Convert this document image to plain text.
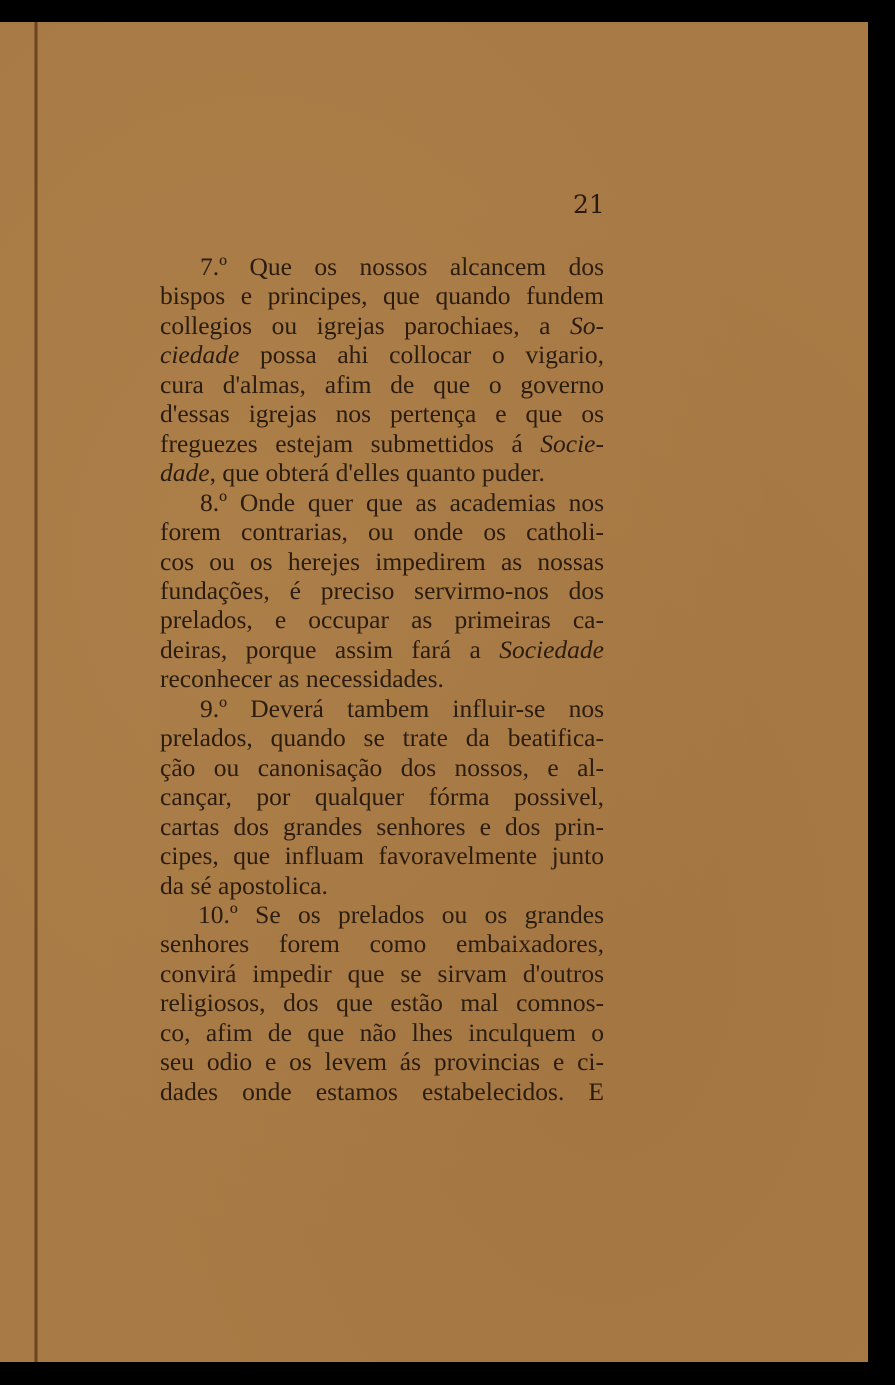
21
7.º Que os nossos alcancem dos
bispos e principes, que quando fundem
collegios ou igrejas parochiaes, a So-
ciedade possa ahi collocar o vigario,
cura d'almas, afim de que o governo
d'essas igrejas nos pertença e que os
freguezes estejam submettidos á Socie-
dade, que obterá d'elles quanto puder.
8.º Onde quer que as academias nos
forem contrarias, ou onde os catholi-
cos ou os herejes impedirem as nossas
fundações, é preciso servirmo-nos dos
prelados, e occupar as primeiras ca-
deiras, porque assim fará a Sociedade
reconhecer as necessidades.
9.º Deverá tambem influir-se nos
prelados, quando se trate da beatifica-
ção ou canonisação dos nossos, e al-
cançar, por qualquer fórma possivel,
cartas dos grandes senhores e dos prin-
cipes, que influam favoravelmente junto
da sé apostolica.
10.º Se os prelados ou os grandes
senhores forem como embaixadores,
convirá impedir que se sirvam d'outros
religiosos, dos que estão mal comnos-
co, afim de que não lhes inculquem o
seu odio e os levem ás provincias e ci-
dades onde estamos estabelecidos. E
